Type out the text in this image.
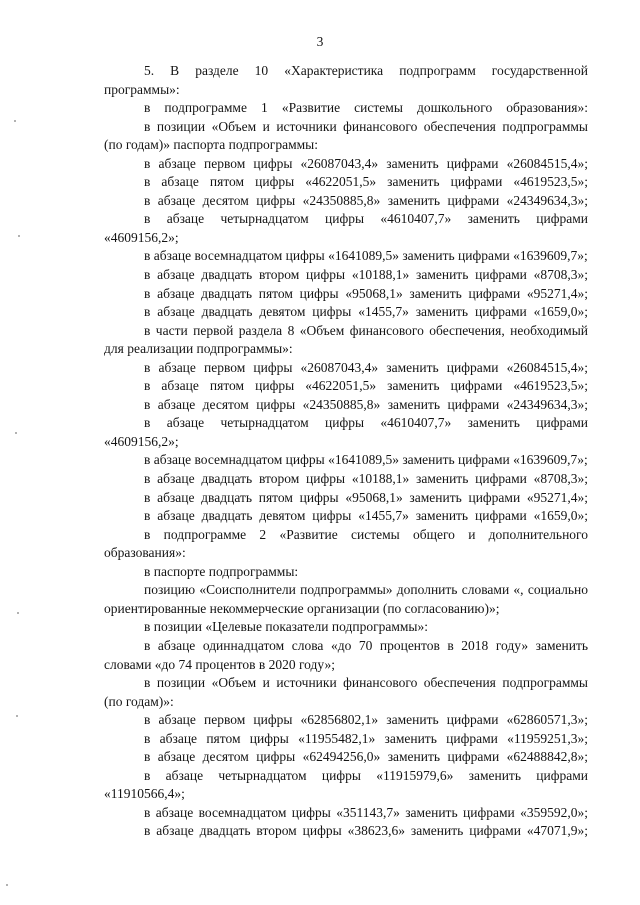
3

5. В разделе 10 «Характеристика подпрограмм государственной программы»:

в подпрограмме 1 «Развитие системы дошкольного образования»:

в позиции «Объем и источники финансового обеспечения подпрограммы (по годам)» паспорта подпрограммы:

в абзаце первом цифры «26087043,4» заменить цифрами «26084515,4»;

в абзаце пятом цифры «4622051,5» заменить цифрами «4619523,5»;

в абзаце десятом цифры «24350885,8» заменить цифрами «24349634,3»;

в абзаце четырнадцатом цифры «4610407,7» заменить цифрами «4609156,2»;

в абзаце восемнадцатом цифры «1641089,5» заменить цифрами «1639609,7»;

в абзаце двадцать втором цифры «10188,1» заменить цифрами «8708,3»;

в абзаце двадцать пятом цифры «95068,1» заменить цифрами «95271,4»;

в абзаце двадцать девятом цифры «1455,7» заменить цифрами «1659,0»;

в части первой раздела 8 «Объем финансового обеспечения, необходимый для реализации подпрограммы»:

в абзаце первом цифры «26087043,4» заменить цифрами «26084515,4»;

в абзаце пятом цифры «4622051,5» заменить цифрами «4619523,5»;

в абзаце десятом цифры «24350885,8» заменить цифрами «24349634,3»;

в абзаце четырнадцатом цифры «4610407,7» заменить цифрами «4609156,2»;

в абзаце восемнадцатом цифры «1641089,5» заменить цифрами «1639609,7»;

в абзаце двадцать втором цифры «10188,1» заменить цифрами «8708,3»;

в абзаце двадцать пятом цифры «95068,1» заменить цифрами «95271,4»;

в абзаце двадцать девятом цифры «1455,7» заменить цифрами «1659,0»;

в подпрограмме 2 «Развитие системы общего и дополнительного образования»:

в паспорте подпрограммы:

позицию «Соисполнители подпрограммы» дополнить словами «, социально ориентированные некоммерческие организации (по согласованию)»;

в позиции «Целевые показатели подпрограммы»:

в абзаце одиннадцатом слова «до 70 процентов в 2018 году» заменить словами «до 74 процентов в 2020 году»;

в позиции «Объем и источники финансового обеспечения подпрограммы (по годам)»:

в абзаце первом цифры «62856802,1» заменить цифрами «62860571,3»;

в абзаце пятом цифры «11955482,1» заменить цифрами «11959251,3»;

в абзаце десятом цифры «62494256,0» заменить цифрами «62488842,8»;

в абзаце четырнадцатом цифры «11915979,6» заменить цифрами «11910566,4»;

в абзаце восемнадцатом цифры «351143,7» заменить цифрами «359592,0»;

в абзаце двадцать втором цифры «38623,6» заменить цифрами «47071,9»;
